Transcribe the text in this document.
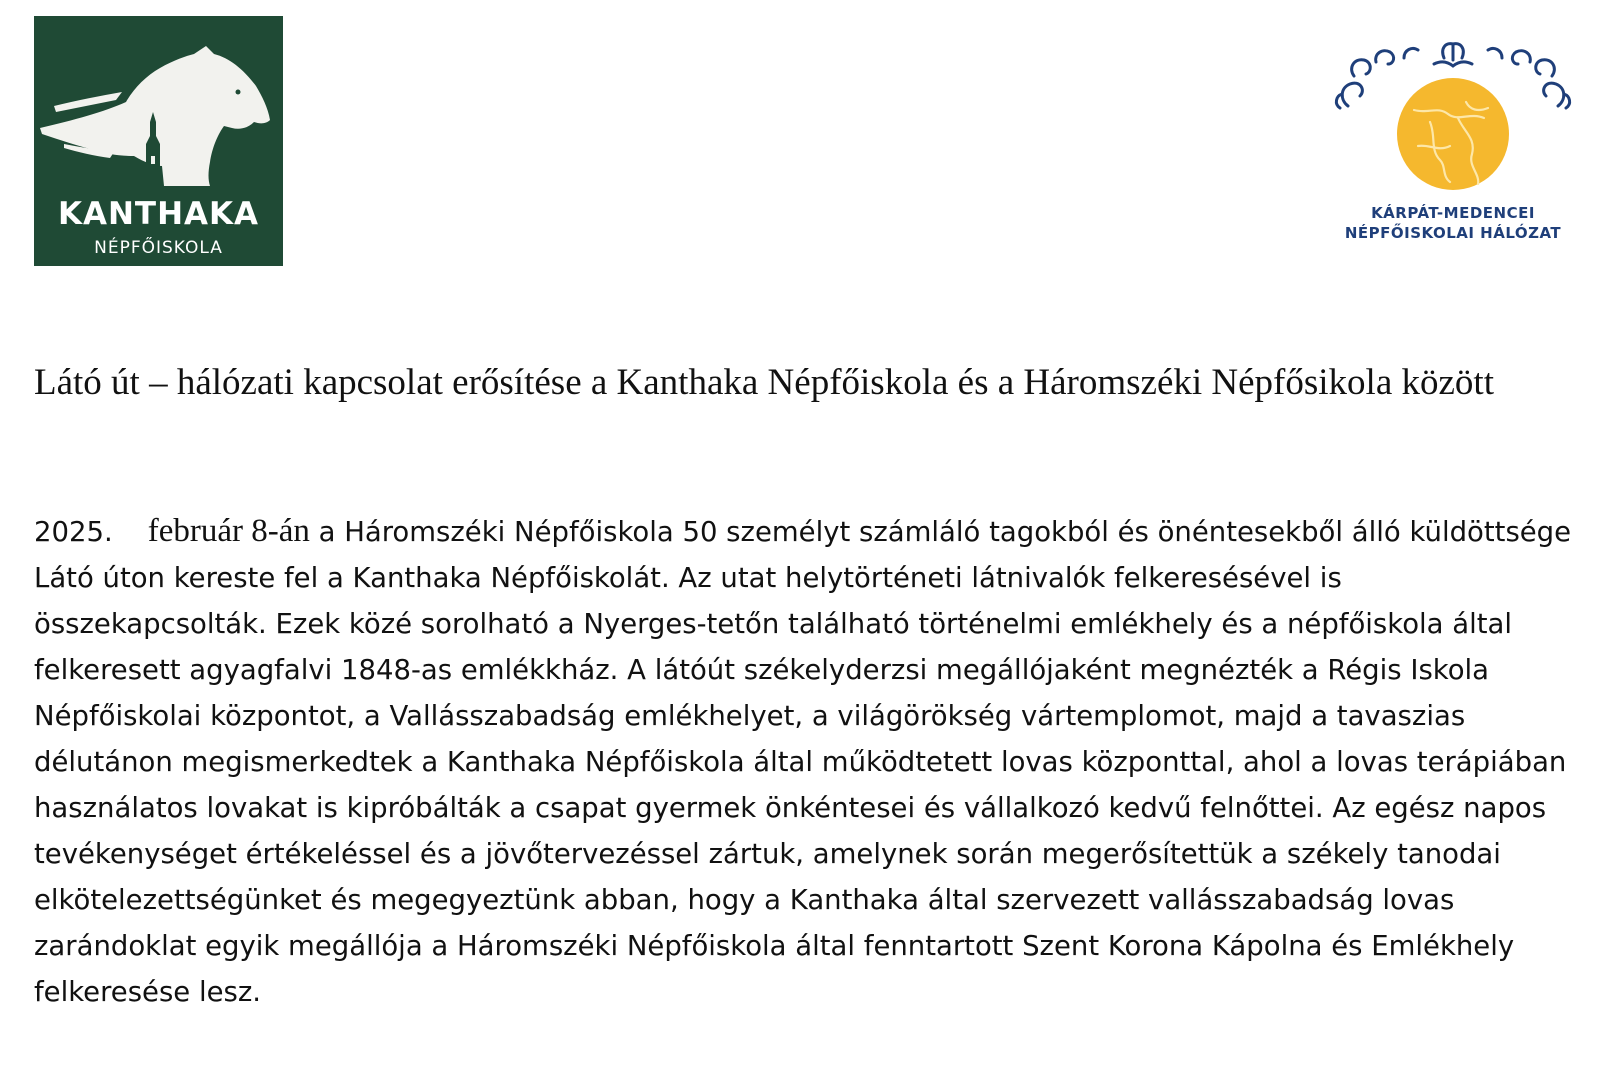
KANTHAKA
NÉPFŐISKOLA
KÁRPÁT-MEDENCEI
NÉPFŐISKOLAI HÁLÓZAT
Látó út – hálózati kapcsolat erősítése a Kanthaka Népfőiskola és a Háromszéki Népfősikola között

2025. február 8-án a Háromszéki Népfőiskola 50 személyt számláló tagokból és önéntesekből álló küldöttsége Látó úton kereste fel a Kanthaka Népfőiskolát. Az utat helytörténeti látnivalók felkeresésével is összekapcsolták. Ezek közé sorolható a Nyerges-tetőn található történelmi emlékhely és a népfőiskola által felkeresett agyagfalvi 1848-as emlékkház. A látóút székelyderzsi megállójaként megnézték a Régis Iskola Népfőiskolai központot, a Vallásszabadság emlékhelyet, a világörökség vártemplomot, majd a tavaszias délutánon megismerkedtek a Kanthaka Népfőiskola által működtetett lovas központtal, ahol a lovas terápiában használatos lovakat is kipróbálták a csapat gyermek önkéntesei és vállalkozó kedvű felnőttei. Az egész napos tevékenységet értékeléssel és a jövőtervezéssel zártuk, amelynek során megerősítettük a székely tanodai elkötelezettségünket és megegyeztünk abban, hogy a Kanthaka által szervezett vallásszabadság lovas zarándoklat egyik megállója a Háromszéki Népfőiskola által fenntartott Szent Korona Kápolna és Emlékhely felkeresése lesz.
